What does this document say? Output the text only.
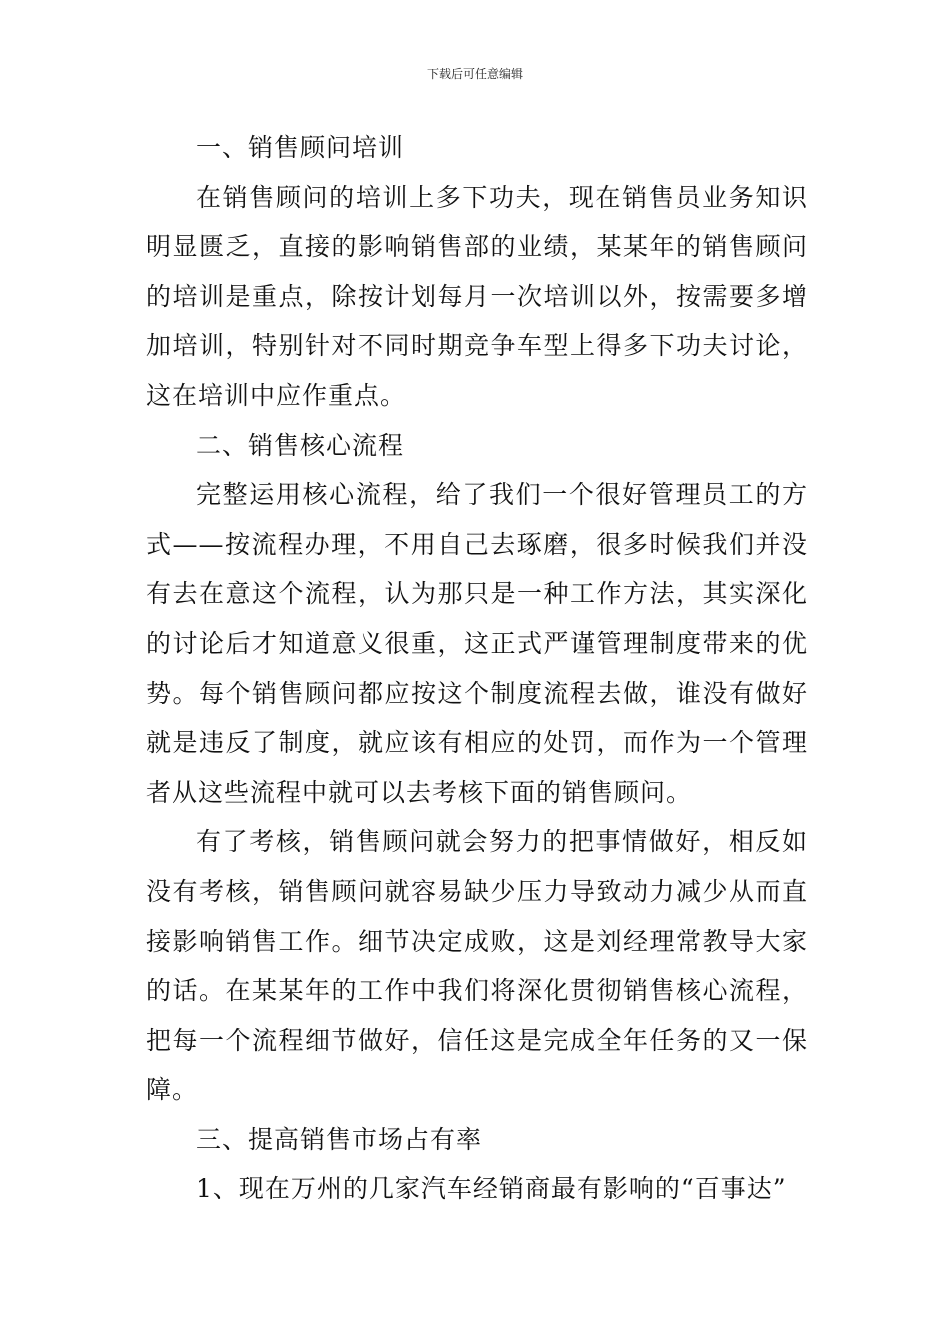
下载后可任意编辑

一、销售顾问培训

在销售顾问的培训上多下功夫，现在销售员业务知识明显匮乏，直接的影响销售部的业绩，某某年的销售顾问的培训是重点，除按计划每月一次培训以外，按需要多增加培训，特别针对不同时期竞争车型上得多下功夫讨论，这在培训中应作重点。

二、销售核心流程

完整运用核心流程，给了我们一个很好管理员工的方式——按流程办理，不用自己去琢磨，很多时候我们并没有去在意这个流程，认为那只是一种工作方法，其实深化的讨论后才知道意义很重，这正式严谨管理制度带来的优势。每个销售顾问都应按这个制度流程去做，谁没有做好就是违反了制度，就应该有相应的处罚，而作为一个管理者从这些流程中就可以去考核下面的销售顾问。

有了考核，销售顾问就会努力的把事情做好，相反如没有考核，销售顾问就容易缺少压力导致动力减少从而直接影响销售工作。细节决定成败，这是刘经理常教导大家的话。在某某年的工作中我们将深化贯彻销售核心流程，把每一个流程细节做好，信任这是完成全年任务的又一保障。

三、提高销售市场占有率

1、现在万州的几家汽车经销商最有影响的“百事达”
